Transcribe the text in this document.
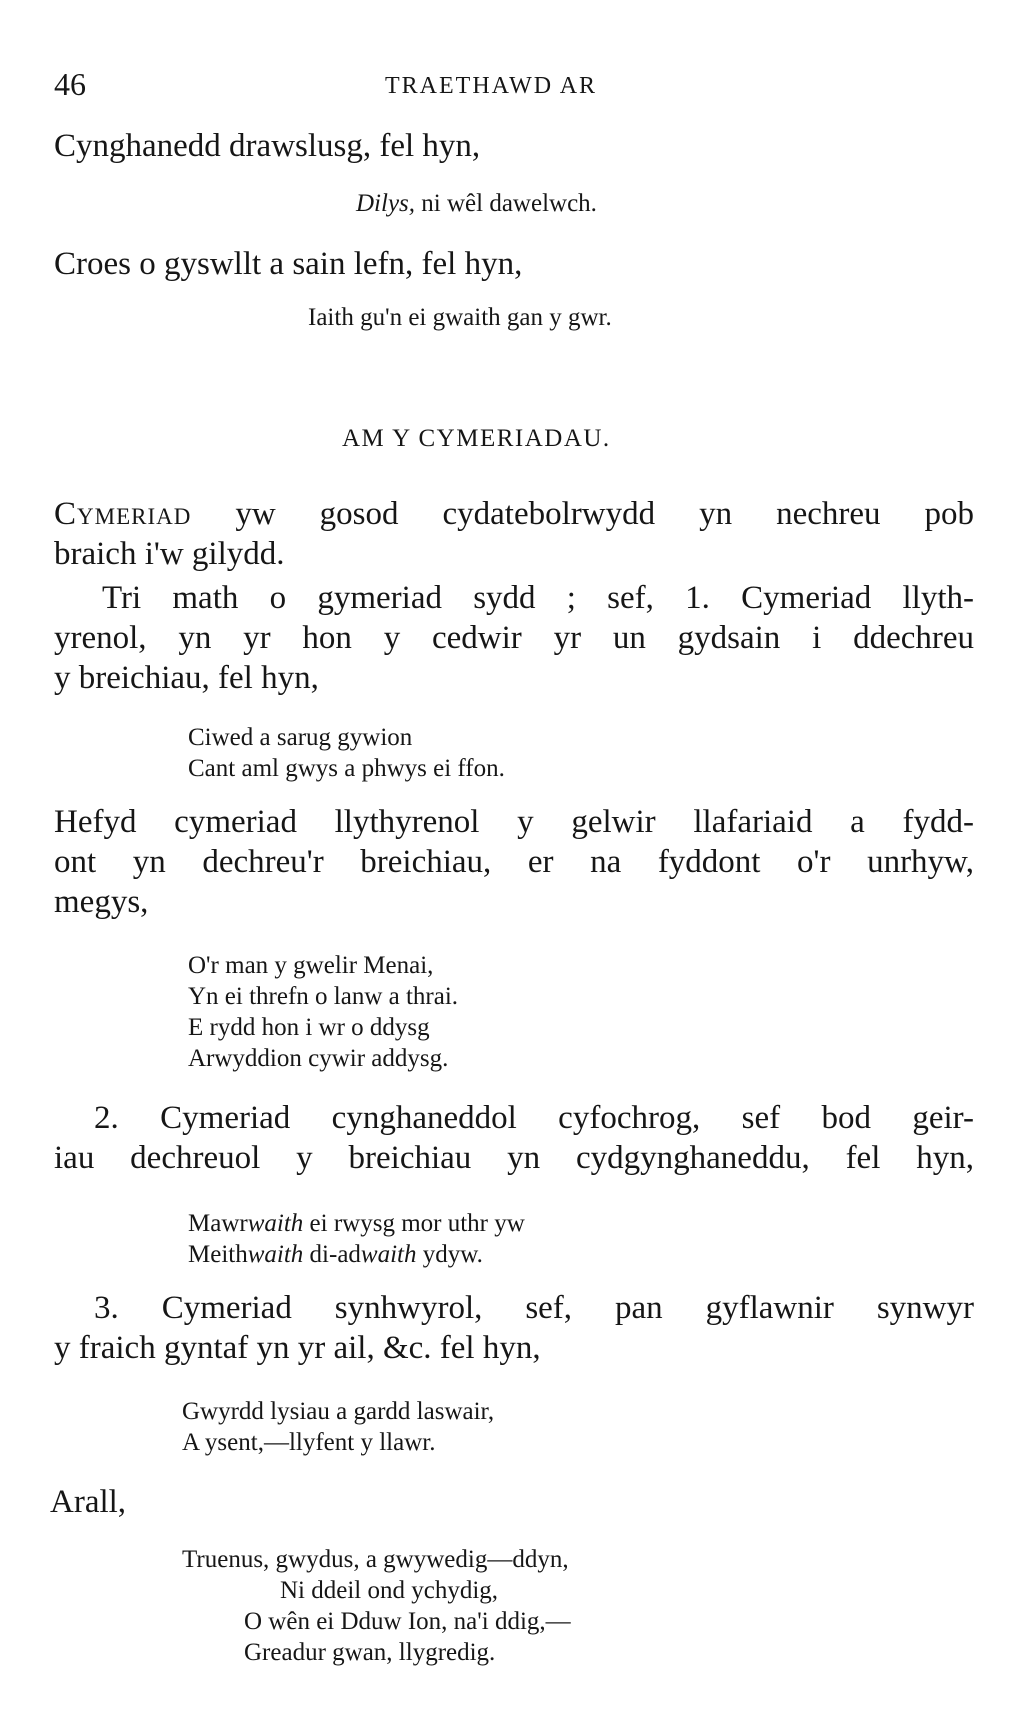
46	TRAETHAWD AR
Cynghanedd drawslusg, fel hyn,
Dilys, ni wêl dawelwch.
Croes o gyswllt a sain lefn, fel hyn,
Iaith gu'n ei gwaith gan y gwr.
AM Y CYMERIADAU.
Cymeriad yw gosod cydatebolrwydd yn nechreu pob
braich i'w gilydd.
Tri math o gymeriad sydd ; sef, 1. Cymeriad llyth-
yrenol, yn yr hon y cedwir yr un gydsain i ddechreu
y breichiau, fel hyn,
Ciwed a sarug gywion
Cant aml gwys a phwys ei ffon.
Hefyd cymeriad llythyrenol y gelwir llafariaid a fydd-
ont yn dechreu'r breichiau, er na fyddont o'r unrhyw,
megys,
O'r man y gwelir Menai,
Yn ei threfn o lanw a thrai.
E rydd hon i wr o ddysg
Arwyddion cywir addysg.
2. Cymeriad cynghaneddol cyfochrog, sef bod geir-
iau dechreuol y breichiau yn cydgynghaneddu, fel hyn,
Mawrwaith ei rwysg mor uthr yw
Meithwaith di-adwaith ydyw.
3. Cymeriad synhwyrol, sef, pan gyflawnir synwyr
y fraich gyntaf yn yr ail, &c. fel hyn,
Gwyrdd lysiau a gardd laswair,
A ysent,—llyfent y llawr.
Arall,
Truenus, gwydus, a gwywedig—ddyn,
Ni ddeil ond ychydig,
O wên ei Dduw Ion, na'i ddig,—
Greadur gwan, llygredig.
